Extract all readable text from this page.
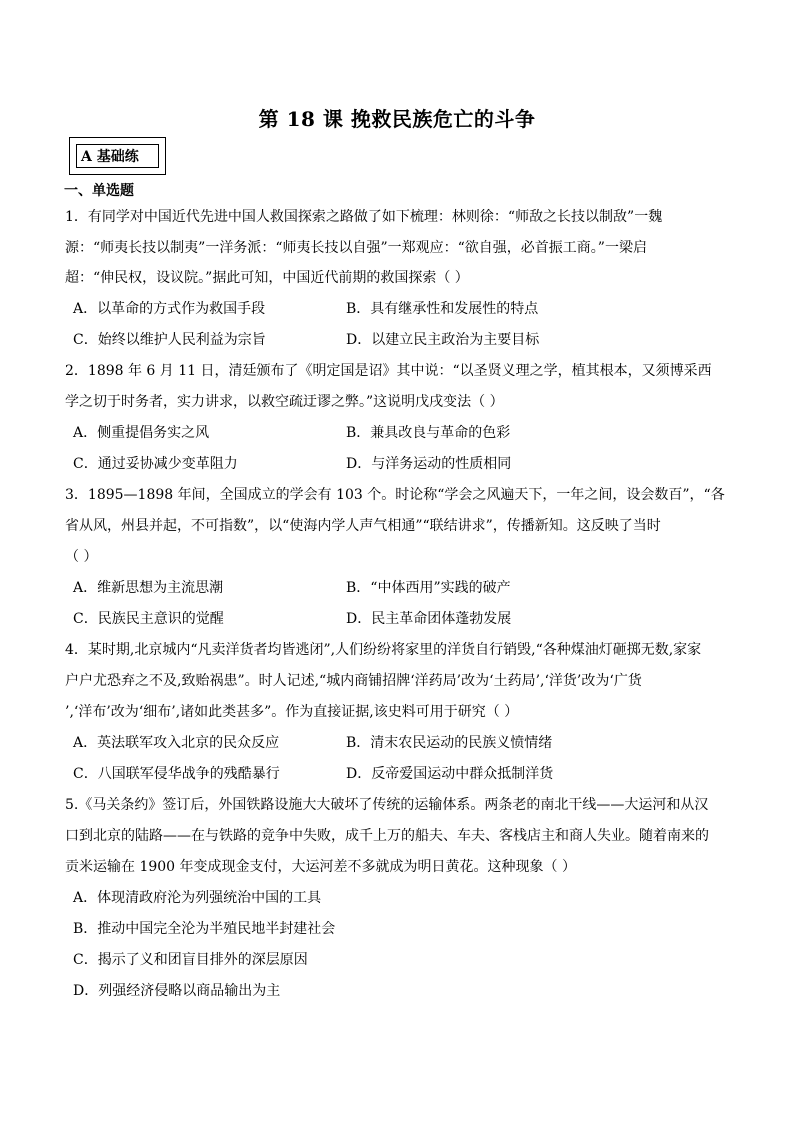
第 18 课 挽救民族危亡的斗争
A 基础练
一、单选题
1．有同学对中国近代先进中国人救国探索之路做了如下梳理：林则徐：“师敌之长技以制敌”一魏
源：“师夷长技以制夷”一洋务派：“师夷长技以自强”一郑观应：“欲自强，必首振工商。”一梁启
超：“伸民权，设议院。”据此可知，中国近代前期的救国探索（ ）
A．以革命的方式作为救国手段	B．具有继承性和发展性的特点
C．始终以维护人民利益为宗旨	D．以建立民主政治为主要目标
2．1898 年 6 月 11 日，清廷颁布了《明定国是诏》其中说：“以圣贤义理之学，植其根本，又须博采西
学之切于时务者，实力讲求，以救空疏迂谬之弊。”这说明戊戌变法（ ）
A．侧重提倡务实之风	B．兼具改良与革命的色彩
C．通过妥协减少变革阻力	D．与洋务运动的性质相同
3．1895—1898 年间，全国成立的学会有 103 个。时论称“学会之风遍天下，一年之间，设会数百”，“各
省从风，州县并起，不可指数”，以“使海内学人声气相通”“联结讲求”，传播新知。这反映了当时
（ ）
A．维新思想为主流思潮	B．“中体西用”实践的破产
C．民族民主意识的觉醒	D．民主革命团体蓬勃发展
4．某时期,北京城内“凡卖洋货者均皆逃闭”,人们纷纷将家里的洋货自行销毁,“各种煤油灯砸掷无数,家家
户户尤恐弃之不及,致贻祸患”。时人记述,“城内商铺招牌‘洋药局’改为‘土药局’,‘洋货’改为‘广货
’,‘洋布’改为‘细布’,诸如此类甚多”。作为直接证据,该史料可用于研究（ ）
A．英法联军攻入北京的民众反应	B．清末农民运动的民族义愤情绪
C．八国联军侵华战争的残酷暴行	D．反帝爱国运动中群众抵制洋货
5.《马关条约》签订后，外国铁路设施大大破坏了传统的运输体系。两条老的南北干线——大运河和从汉
口到北京的陆路——在与铁路的竞争中失败，成千上万的船夫、车夫、客栈店主和商人失业。随着南来的
贡米运输在 1900 年变成现金支付，大运河差不多就成为明日黄花。这种现象（ ）
A．体现清政府沦为列强统治中国的工具
B．推动中国完全沦为半殖民地半封建社会
C．揭示了义和团盲目排外的深层原因
D．列强经济侵略以商品输出为主
